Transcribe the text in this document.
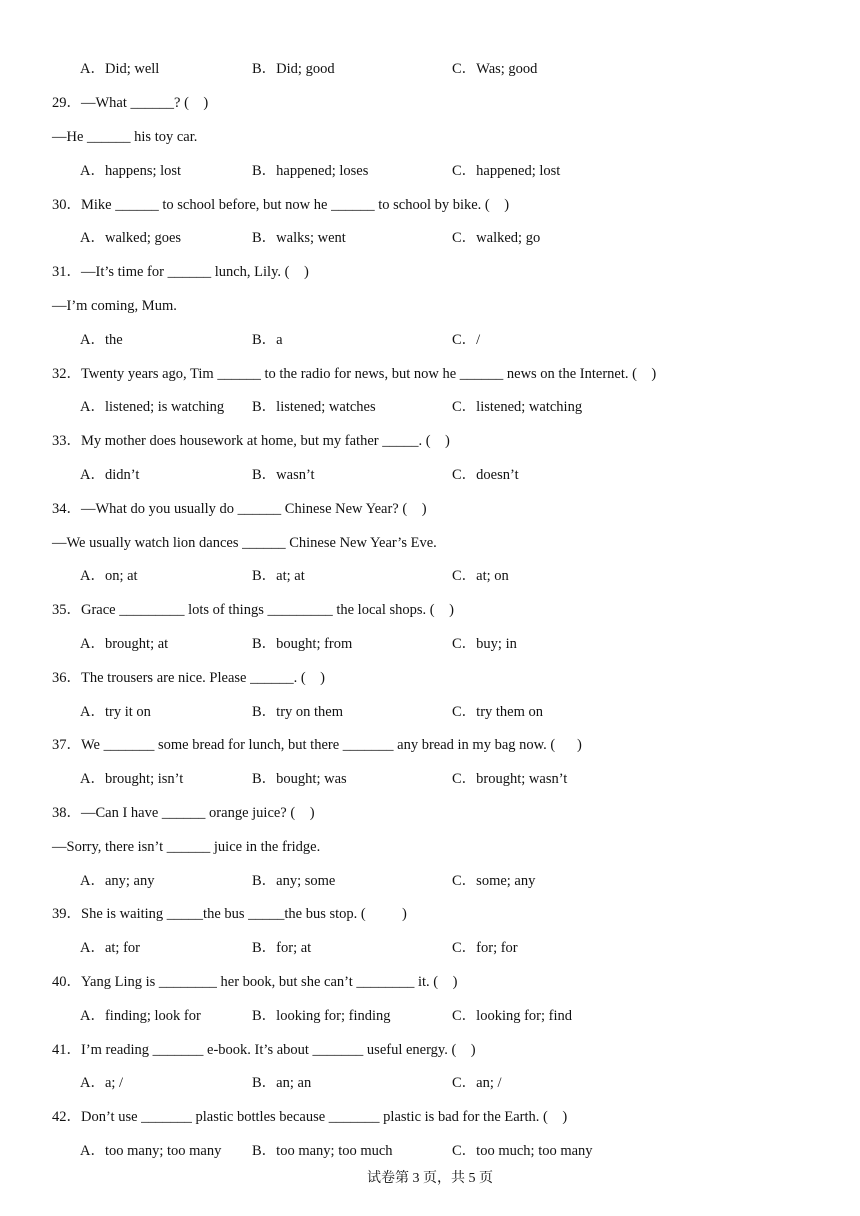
A．Did; well	B．Did; good	C．Was; good
29．—What ______? (    )
—He ______ his toy car.
A．happens; lost	B．happened; loses	C．happened; lost
30．Mike ______ to school before, but now he ______ to school by bike. (    )
A．walked; goes	B．walks; went	C．walked; go
31．—It’s time for ______ lunch, Lily. (    )
—I’m coming, Mum.
A．the	B．a	C．/
32．Twenty years ago, Tim ______ to the radio for news, but now he ______ news on the Internet. (    )
A．listened; is watching B．listened; watches	C．listened; watching
33．My mother does housework at home, but my father _____. (    )
A．didn’t	B．wasn’t	C．doesn’t
34．—What do you usually do ______ Chinese New Year? (    )
—We usually watch lion dances ______ Chinese New Year’s Eve.
A．on; at	B．at; at	C．at; on
35．Grace _________ lots of things _________ the local shops. (    )
A．brought; at	B．bought; from	C．buy; in
36．The trousers are nice. Please ______. (    )
A．try it on	B．try on them	C．try them on
37．We _______ some bread for lunch, but there _______ any bread in my bag now. (      )
A．brought; isn’t	B．bought; was	C．brought; wasn’t
38．—Can I have ______ orange juice? (    )
—Sorry, there isn’t ______ juice in the fridge.
A．any; any	B．any; some	C．some; any
39．She is waiting _____the bus _____the bus stop. (          )
A．at; for	B．for; at	C．for; for
40．Yang Ling is ________ her book, but she can’t ________ it. (    )
A．finding; look for	B．looking for; finding	C．looking for; find
41．I’m reading _______ e-book. It’s about _______ useful energy. (    )
A．a; /	B．an; an	C．an; /
42．Don’t use _______ plastic bottles because _______ plastic is bad for the Earth. (    )
A．too many; too many B．too many; too much	C．too much; too many
试卷第 3 页，共 5 页
